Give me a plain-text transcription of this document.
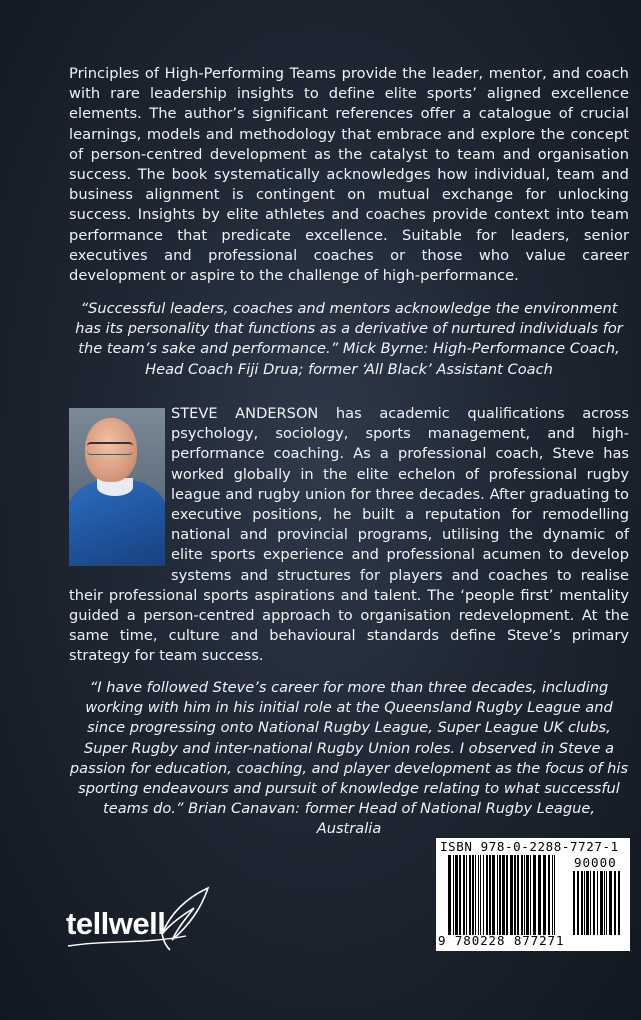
Principles of High-Performing Teams provide the leader, mentor, and coach with rare leadership insights to define elite sports’ aligned excellence elements. The author’s significant references offer a catalogue of crucial learnings, models and methodology that embrace and explore the concept of person-centred development as the catalyst to team and organisation success. The book systematically acknowledges how individual, team and business alignment is contingent on mutual exchange for unlocking success. Insights by elite athletes and coaches provide context into team performance that predicate excellence. Suitable for leaders, senior executives and professional coaches or those who value career development or aspire to the challenge of high-performance.
“Successful leaders, coaches and mentors acknowledge the environment has its personality that functions as a derivative of nurtured individuals for the team’s sake and performance.” Mick Byrne: High-Performance Coach, Head Coach Fiji Drua; former ‘All Black’ Assistant Coach
STEVE ANDERSON has academic qualifications across psychology, sociology, sports management, and high-performance coaching. As a professional coach, Steve has worked globally in the elite echelon of professional rugby league and rugby union for three decades. After graduating to executive positions, he built a reputation for remodelling national and provincial programs, utilising the dynamic of elite sports experience and professional acumen to develop systems and structures for players and coaches to realise their professional sports aspirations and talent. The ‘people first’ mentality guided a person-centred approach to organisation redevelopment. At the same time, culture and behavioural standards define Steve’s primary strategy for team success.
“I have followed Steve’s career for more than three decades, including working with him in his initial role at the Queensland Rugby League and since progressing onto National Rugby League, Super League UK clubs, Super Rugby and inter-national Rugby Union roles. I observed in Steve a passion for education, coaching, and player development as the focus of his sporting endeavours and pursuit of knowledge relating to what successful teams do.” Brian Canavan: former Head of National Rugby League, Australia
tellwell
ISBN 978-0-2288-7727-1
90000
9 780228 877271
